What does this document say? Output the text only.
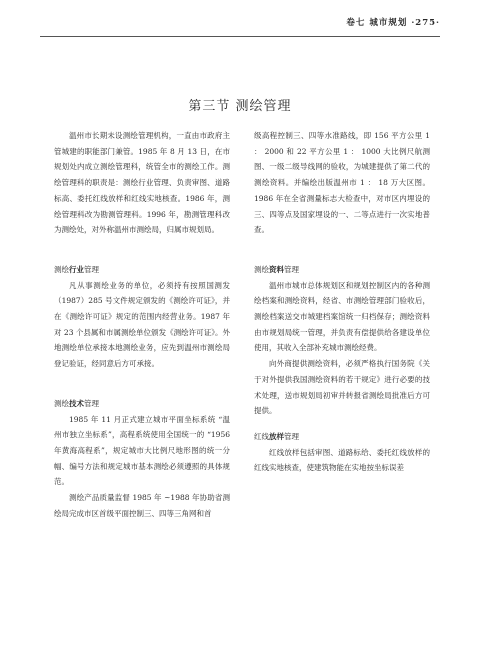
卷七 城市规划 ·275·
第三节 测绘管理

温州市长期未设测绘管理机构，一直由市政府主管城建的职能部门兼管。1985 年 8 月 13 日，在市规划处内成立测绘管理科，统管全市的测绘工作。测绘管理科的职责是：测绘行业管理、负责审图、道路标高、委托红线放样和红线实地核查。1986 年，测绘管理科改为勘测管理科。1996 年，勘测管理科改为测绘处，对外称温州市测绘局，归属市规划局。

测绘行业管理

凡从事测绘业务的单位，必须持有按照国测发（1987）285 号文件规定颁发的《测绘许可证》，并在《测绘许可证》规定的范围内经营业务。1987 年对 23 个县属和市属测绘单位颁发《测绘许可证》。外地测绘单位承接本地测绘业务，应先到温州市测绘局登记验证，经同意后方可承接。

测绘技术管理

1985 年 11 月正式建立城市平面坐标系统 “温州市独立坐标系”，高程系统使用全国统一的 “1956 年黄海高程系”，规定城市大比例尺地形图的统一分幅、编号方法和规定城市基本测绘必须遵照的具体规范。

测绘产品质量监督 1985 年 ~1988 年协助省测绘局完成市区首级平面控制三、四等三角网和首

级高程控制三、四等水准路线，即 156 平方公里 1 ： 2000 和 22 平方公里 1 ： 1000 大比例尺航测图、一级二级导线网的验收，为城建提供了第二代的测绘资料。并编绘出版温州市 1 ： 18 万大区图。1986 年在全省测量标志大检查中，对市区内埋设的三、四等点及国家埋设的一、二等点进行一次实地普查。

测绘资料管理

温州市城市总体规划区和规划控制区内的各种测绘档案和测绘资料，经省、市测绘管理部门验收后，测绘档案送交市城建档案馆统一归档保存；测绘资料由市规划局统一管理，并负责有偿提供给各建设单位使用，其收入全部补充城市测绘经费。

向外商提供测绘资料，必须严格执行国务院《关于对外提供我国测绘资料的若干规定》进行必要的技术处理，送市规划局初审并转报省测绘局批准后方可提供。

红线放样管理

红线放样包括审图、道路标给、委托红线放样的红线实地核查，使建筑物能在实地按坐标误差
